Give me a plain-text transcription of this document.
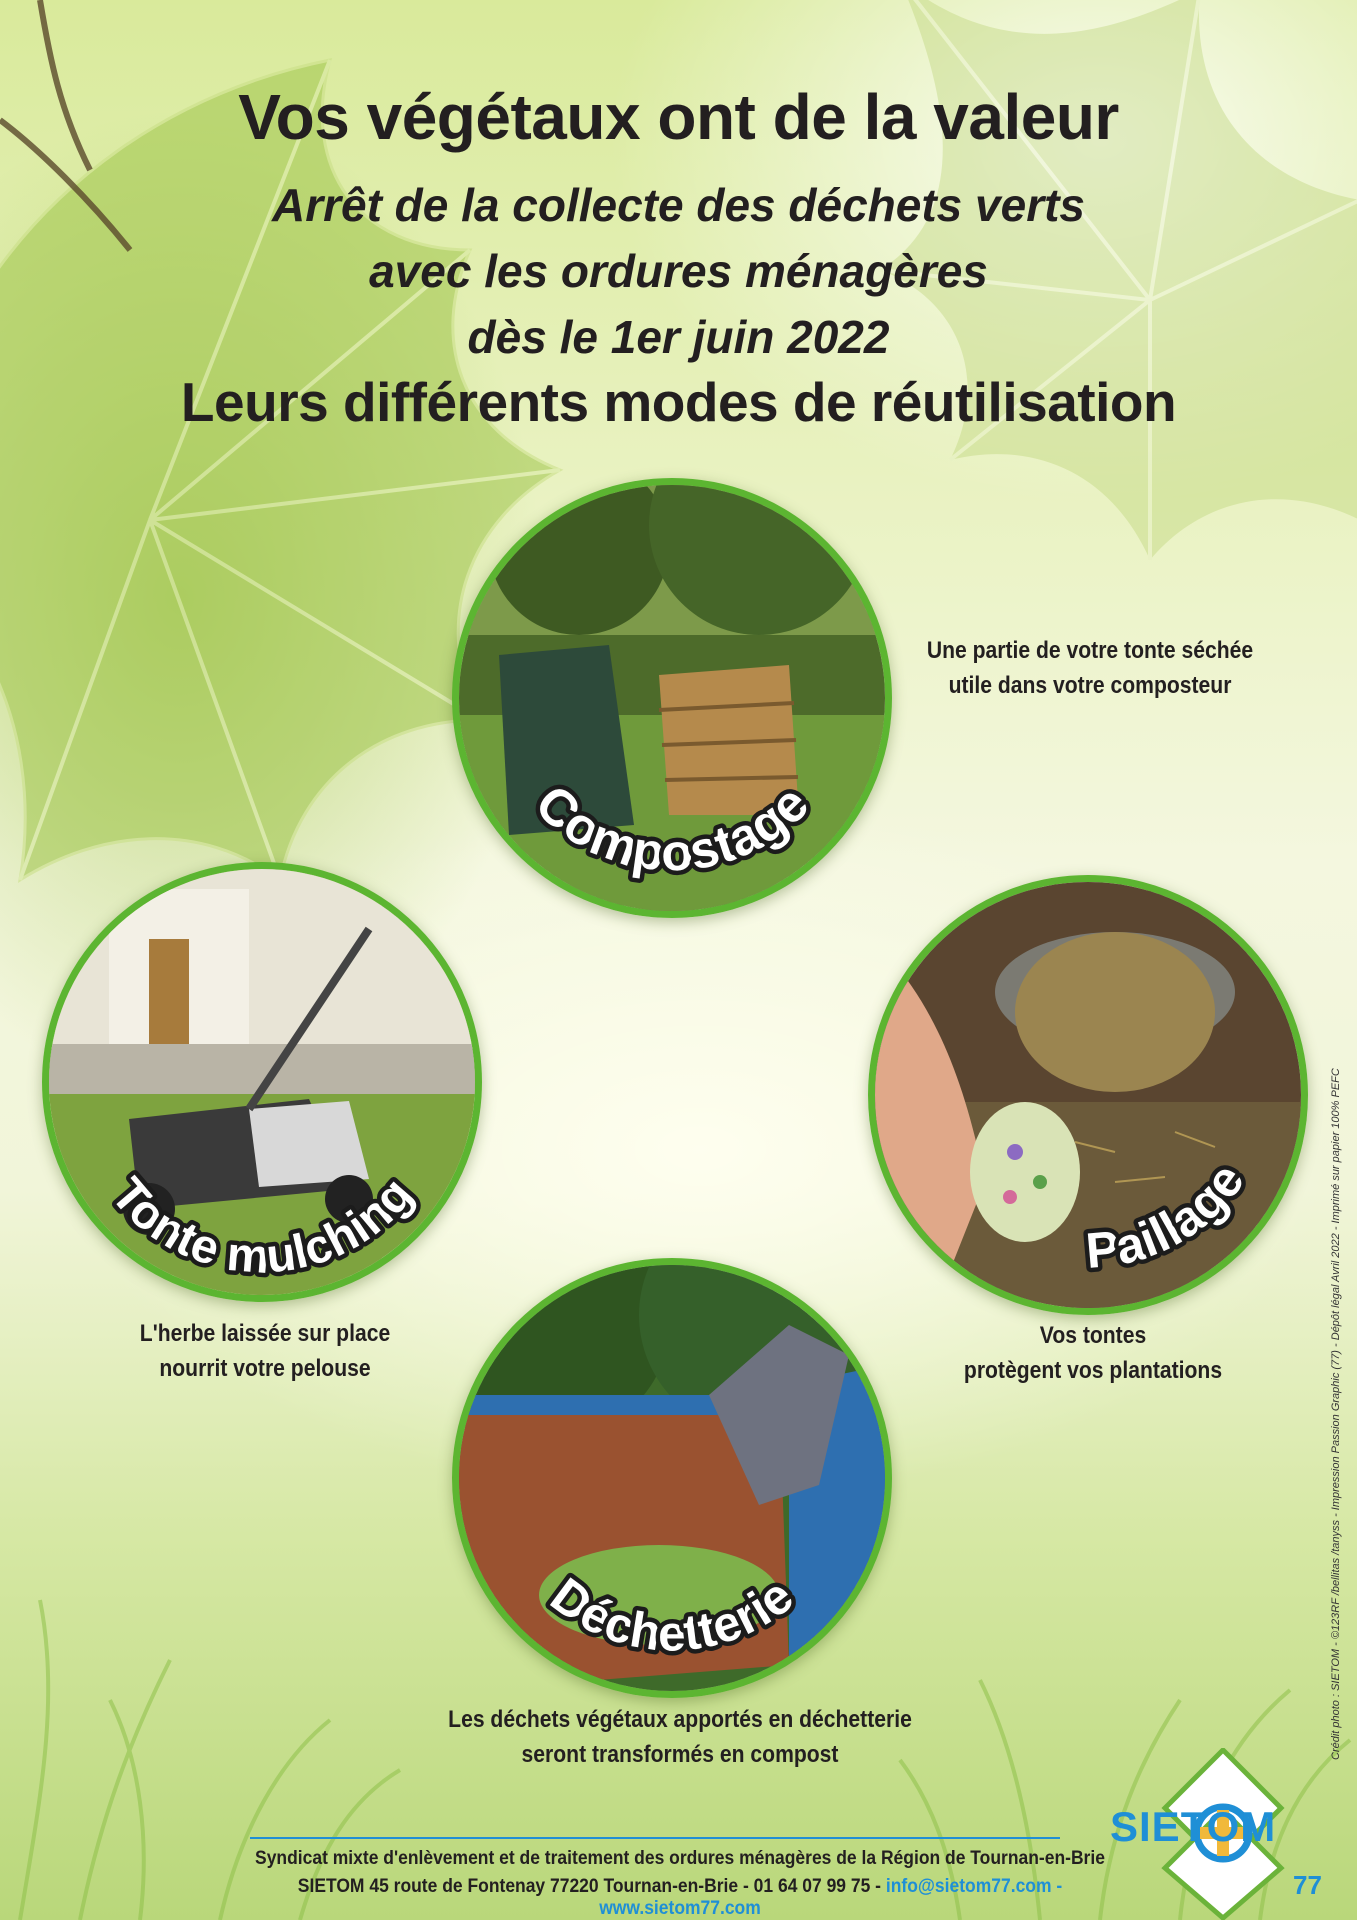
Vos végétaux ont de la valeur
Arrêt de la collecte des déchets verts
avec les ordures ménagères
dès le 1er juin 2022
Leurs différents modes de réutilisation
Compostage
Une partie de votre tonte séchée
utile dans votre composteur
Tonte mulching
L'herbe laissée sur place
nourrit votre pelouse
Paillage
Vos tontes
protègent vos plantations
Déchetterie
Les déchets végétaux apportés en déchetterie
seront transformés en compost	Crédit photo : SIETOM - ©123RF /bellitas /tanyss - Impression Passion Graphic (77) - Dépôt légal Avril 2022 - Imprimé sur papier 100% PEFC
Syndicat mixte d'enlèvement et de traitement des ordures ménagères de la Région de Tournan-en-Brie
SIETOM 45 route de Fontenay 77220 Tournan-en-Brie - 01 64 07 99 75 - info@sietom77.com - www.sietom77.com
SIETOM
77
